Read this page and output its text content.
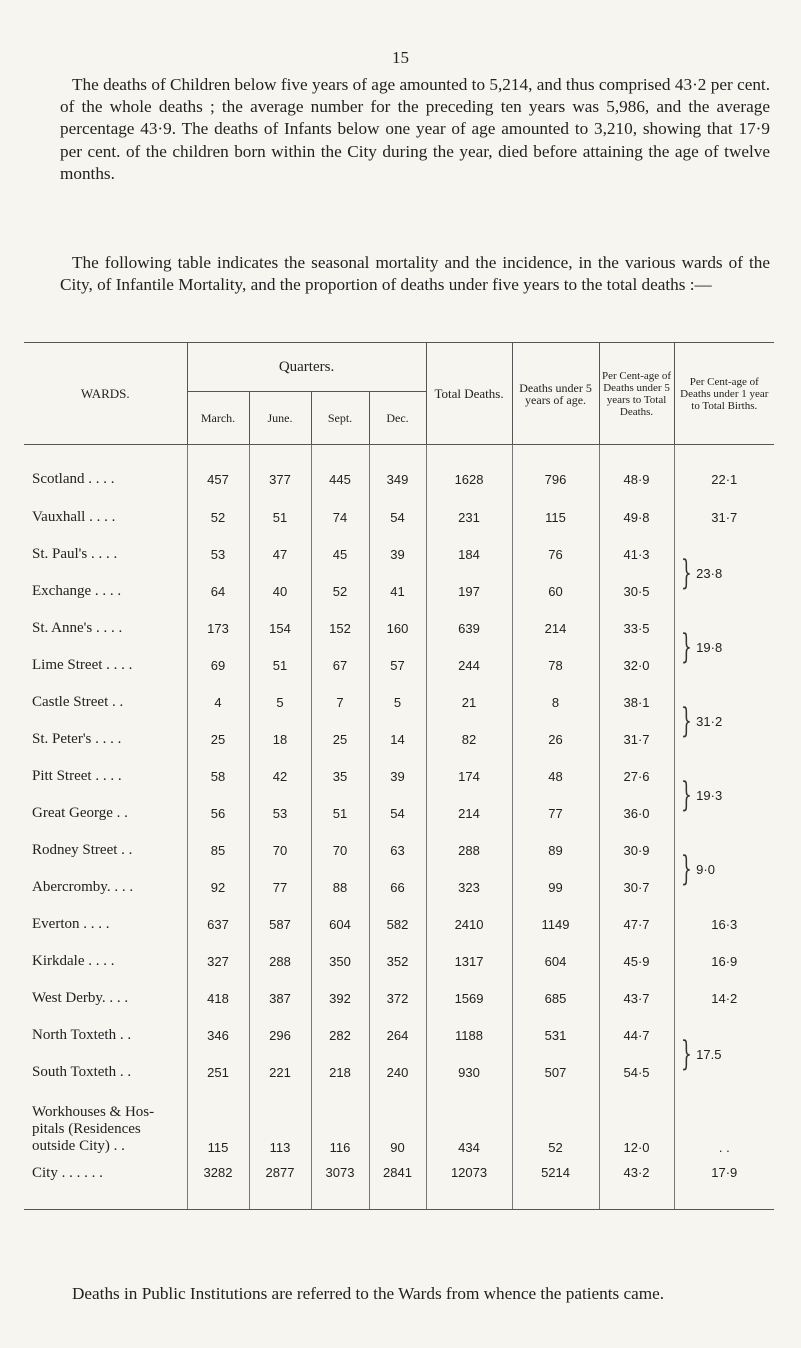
15

The deaths of Children below five years of age amounted to 5,214, and thus comprised 43·2 per cent. of the whole deaths ; the average number for the preceding ten years was 5,986, and the average percentage 43·9. The deaths of Infants below one year of age amounted to 3,210, showing that 17·9 per cent. of the children born within the City during the year, died before attaining the age of twelve months.

The following table indicates the seasonal mortality and the incidence, in the various wards of the City, of Infantile Mortality, and the proportion of deaths under five years to the total deaths :—

WARDS.	Quarters.				Total Deaths.	Deaths under 5 years of age.	Per Cent-age of Deaths under 5 years to Total Deaths.	Per Cent-age of Deaths under 1 year to Total Births.
	March.	June.	Sept.	Dec.				
Scotland . . . .	457	377	445	349	1628	796	48·9	22·1
Vauxhall . . . .	52	51	74	54	231	115	49·8	31·7
St. Paul's . . . .	53	47	45	39	184	76	41·3	} 23·8
Exchange . . . .	64	40	52	41	197	60	30·5	
St. Anne's . . . .	173	154	152	160	639	214	33·5	} 19·8
Lime Street . . . .	69	51	67	57	244	78	32·0	
Castle Street . .	4	5	7	5	21	8	38·1	} 31·2
St. Peter's . . . .	25	18	25	14	82	26	31·7	
Pitt Street . . . .	58	42	35	39	174	48	27·6	} 19·3
Great George . .	56	53	51	54	214	77	36·0	
Rodney Street . .	85	70	70	63	288	89	30·9	} 9·0
Abercromby. . . .	92	77	88	66	323	99	30·7	
Everton . . . .	637	587	604	582	2410	1149	47·7	16·3
Kirkdale . . . .	327	288	350	352	1317	604	45·9	16·9
West Derby. . . .	418	387	392	372	1569	685	43·7	14·2
North Toxteth . .	346	296	282	264	1188	531	44·7	} 17.5
South Toxteth . .	251	221	218	240	930	507	54·5	

Workhouses & Hos-
pitals (Residences
outside City) . .	115	113	116	90	434	52	12·0	. .
City . . . . . .	3282	2877	3073	2841	12073	5214	43·2	17·9

Deaths in Public Institutions are referred to the Wards from whence the patients came.
